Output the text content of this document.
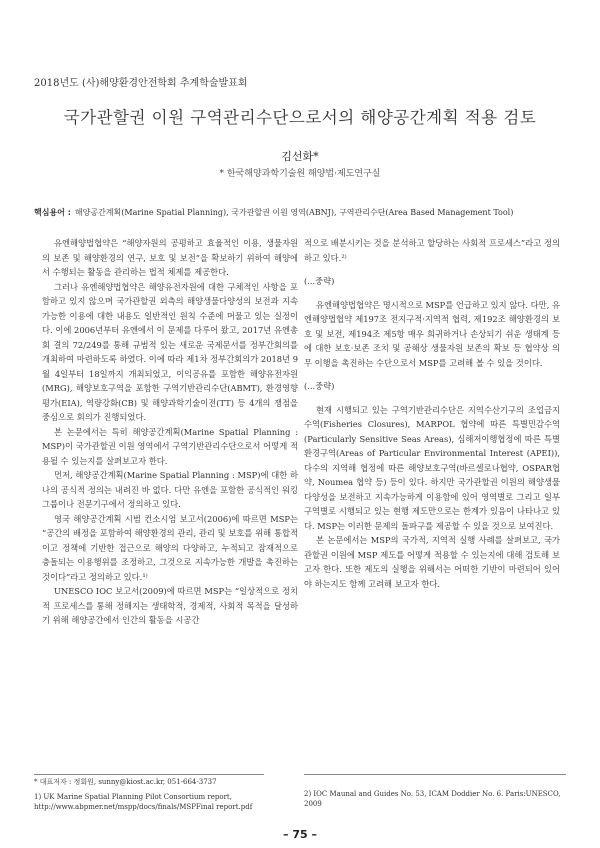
2018년도 (사)해양환경안전학회 추계학술발표회
국가관할권 이원 구역관리수단으로서의 해양공간계획 적용 검토
김선화*
* 한국해양과학기술원 해양법·제도연구실
핵심용어 : 해양공간계획(Marine Spatial Planning), 국가관할권 이원 영역(ABNJ), 구역관리수단(Area Based Management Tool)

유엔해양법협약은 “해양자원의 공평하고 효율적인 이용, 생물자원의 보존 및 해양환경의 연구, 보호 및 보전”을 확보하기 위하여 해양에서 수행되는 활동을 관리하는 법적 체제를 제공한다.

그러나 유엔해양법협약은 해양유전자원에 대한 구체적인 사항을 포함하고 있지 않으며 국가관할권 외측의 해양생물다양성의 보전과 지속가능한 이용에 대한 내용도 일반적인 원칙 수준에 머물고 있는 실정이다. 이에 2006년부터 유엔에서 이 문제를 다루어 왔고, 2017년 유엔총회 결의 72/249를 통해 규범적 있는 새로운 국제문서를 정부간회의를 개최하여 마련하도록 하였다. 이에 따라 제1차 정부간회의가 2018년 9월 4일부터 18일까지 개최되었고, 이익공유를 포함한 해양유전자원(MRG), 해양보호구역을 포함한 구역기반관리수단(ABMT), 환경영향평가(EIA), 역량강화(CB) 및 해양과학기술이전(TT) 등 4개의 쟁점을 중심으로 회의가 진행되었다.

본 논문에서는 특히 해양공간계획(Marine Spatial Planning : MSP)이 국가관할권 이원 영역에서 구역기반관리수단으로서 어떻게 적용될 수 있는지를 살펴보고자 한다.

먼저, 해양공간계획(Marine Spatial Planning : MSP)에 대한 하나의 공식적 정의는 내려진 바 없다. 다만 유엔을 포함한 공식적인 워킹그룹이나 전문기구에서 정의하고 있다.

영국 해양공간계획 시범 컨소시엄 보고서(2006)에 따르면 MSP는 “공간의 배정을 포함하여 해양환경의 관리, 관리 및 보호를 위해 통합적이고 정책에 기반한 접근으로 해양의 다양하고, 누적되고 잠재적으로 충돌되는 이용행위를 조정하고, 그것으로 지속가능한 개발을 촉진하는 것이다”라고 정의하고 있다.¹⁾

UNESCO IOC 보고서(2009)에 따르면 MSP는 “일상적으로 정치적 프로세스를 통해 정해지는 생태학적, 경제적, 사회적 목적을 달성하기 위해 해양공간에서 인간의 활동을 시공간

적으로 배분시키는 것을 분석하고 할당하는 사회적 프로세스”라고 정의하고 있다.²⁾

(...중략)

유엔해양법협약은 명시적으로 MSP를 언급하고 있지 않다. 다만, 유엔해양법협약 제197조 전지구적·지역적 협력, 제192조 해양환경의 보호 및 보전, 제194조 제5항 매우 희귀하거나 손상되기 쉬운 생태계 등에 대한 보호·보존 조치 및 공해상 생물자원 보존의 확보 등 협약상 의무 이행을 촉진하는 수단으로서 MSP를 고려해 볼 수 있을 것이다.

(...중략)

현재 시행되고 있는 구역기반관리수단은 지역수산기구의 조업금지수역(Fisheries Closures), MARPOL 협약에 따른 특별민감수역(Particularly Sensitive Seas Areas), 심해저이행협정에 따른 특별환경구역(Areas of Particular Environmental Interest (APEI)), 다수의 지역해 협정에 따른 해양보호구역(바르셀로나협약, OSPAR협약, Noumea 협약 등) 등이 있다. 하지만 국가관할권 이원의 해양생물다양성을 보전하고 지속가능하게 이용함에 있어 영역별로 그리고 일부 구역별로 시행되고 있는 현행 제도만으로는 한계가 있음이 나타나고 있다. MSP는 이러한 문제의 돌파구를 제공할 수 있을 것으로 보여진다.

본 논문에서는 MSP의 국가적, 지역적 실행 사례를 살펴보고, 국가관할권 이원에 MSP 제도를 어떻게 적용할 수 있는지에 대해 검토해 보고자 한다. 또한 제도의 실행을 위해서는 어떠한 기반이 마련되어 있어야 하는지도 함께 고려해 보고자 한다.

* 대표저자 : 정회원, sunny@kiost.ac.kr, 051-664-3737

1) UK Marine Spatial Planning Pilot Consortium report, http://www.abpmer.net/mspp/docs/finals/MSPFinal report.pdf

2) IOC Maunal and Guides No. 53, ICAM Doddier No. 6. Paris:UNESCO, 2009

– 75 –
